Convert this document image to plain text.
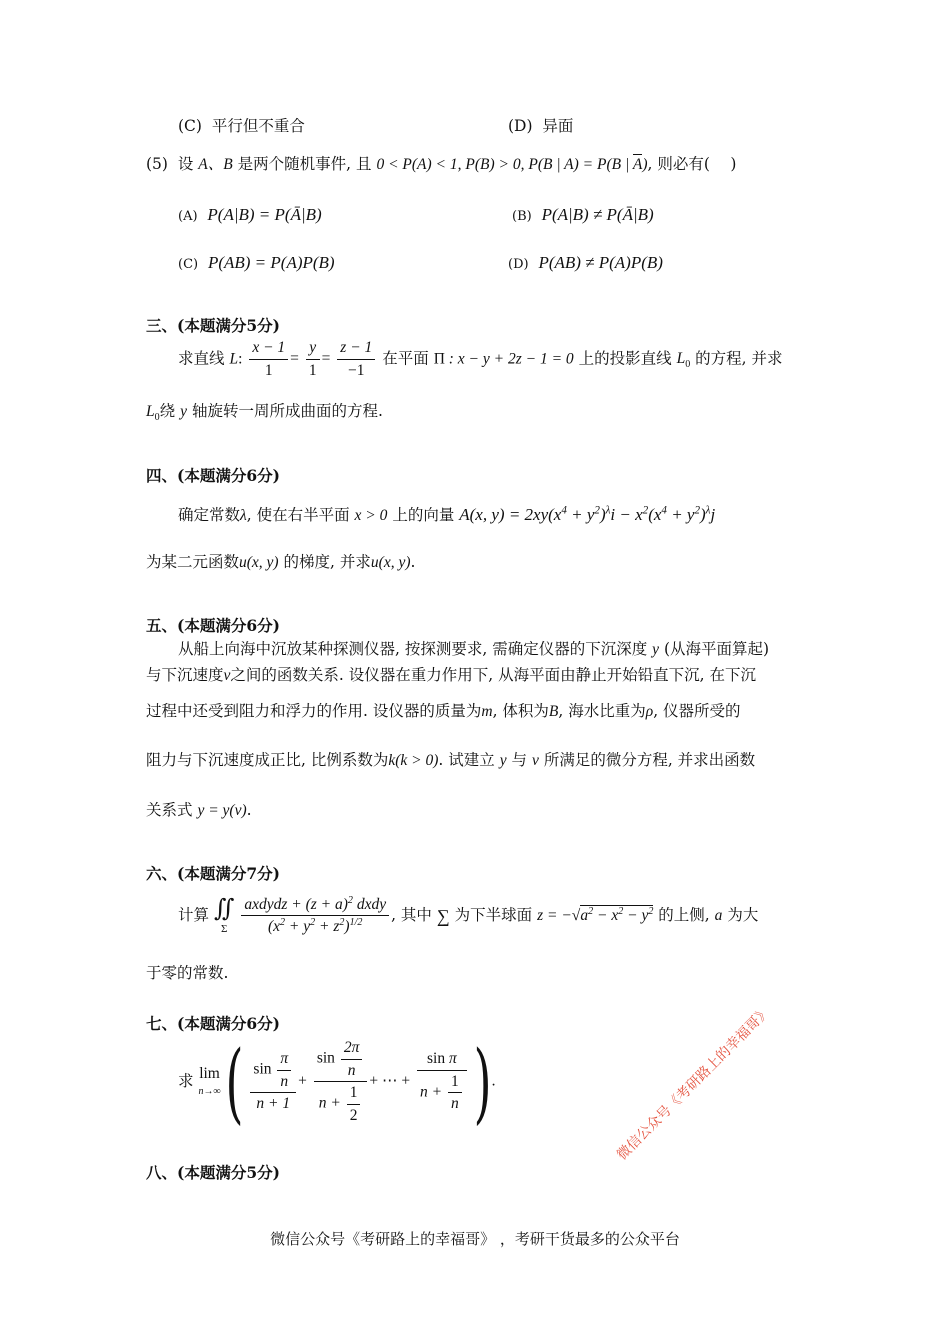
(C) 平行但不重合	(D) 异面
(5) 设 A、B 是两个随机事件, 且 0 < P(A) < 1, P(B) > 0, P(B | A) = P(B | A), 则必有(　 )
(A) P(A|B) = P(Ā|B)	(B) P(A|B) ≠ P(Ā|B)
(C) P(AB) = P(A)P(B)	(D) P(AB) ≠ P(A)P(B)
三、(本题满分5分)
求直线 L: $\frac{x - 1}{1} = \frac{y}{1} = \frac{z - 1}{-1}$ 在平面 Π : x − y + 2z − 1 = 0 上的投影直线 $L_0$ 的方程, 并求
$L_0$绕 y 轴旋转一周所成曲面的方程.
四、(本题满分6分)
确定常数λ, 使在右半平面 x > 0 上的向量 A(x, $y) = 2xy(x^4 + y^2)^\lambda i - x^2(x^4 + y^2)^\lambda j$
为某二元函数u(x, y) 的梯度, 并求u(x, y).
五、(本题满分6分)
从船上向海中沉放某种探测仪器, 按探测要求, 需确定仪器的下沉深度 y (从海平面算起)
与下沉速度v之间的函数关系. 设仪器在重力作用下, 从海平面由静止开始铅直下沉, 在下沉
过程中还受到阻力和浮力的作用. 设仪器的质量为m, 体积为B, 海水比重为ρ, 仪器所受的
阻力与下沉速度成正比, 比例系数为k(k > 0). 试建立 y 与 v 所满足的微分方程, 并求出函数
关系式 y = y(v).
六、(本题满分7分)
计算 ∬
Σ $\frac{axdydz + (z + a)^2 dxdy}{(x^2 + y^2 + z^2)^{1/2}}$ , 其中 ∑ 为下半球面 $z = -√a^2 - x^2 - y^2$ 的上侧, a 为大
于零的常数.
七、(本题满分6分)
求 lim
n→∞ ( $\frac{\sin \frac{\pi}{n}}{n + 1} + \frac{\sin \frac{2\pi}{n}}{n + \frac{1}{2}}$ + ⋯ + $\frac{\text{sin π}}{n + \frac{1}{n}}$ ).
八、(本题满分5分)
微信公众号《考研路上的幸福哥》
微信公众号《考研路上的幸福哥》 ，考研干货最多的公众平台
